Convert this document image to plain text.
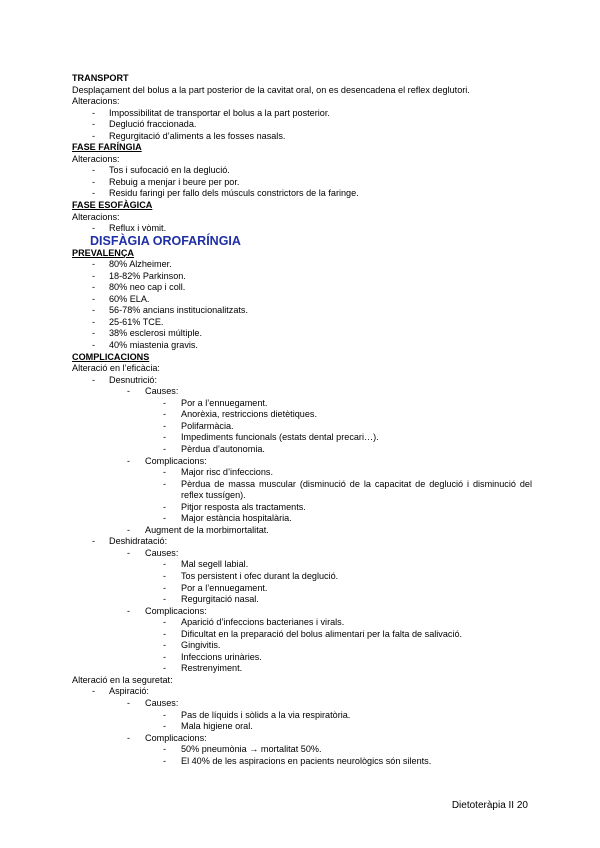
TRANSPORT
Desplaçament del bolus a la part posterior de la cavitat oral, on es desencadena el reflex deglutori.
Alteracions:
- Impossibilitat de transportar el bolus a la part posterior.
- Deglució fraccionada.
- Regurgitació d’aliments a les fosses nasals.
FASE FARÍNGIA
Alteracions:
- Tos i sufocació en la deglució.
- Rebuig a menjar i beure per por.
- Residu faringi per fallo dels músculs constrictors de la faringe.
FASE ESOFÀGICA
Alteracions:
- Reflux i vòmit.
DISFÀGIA OROFARÍNGIA
PREVALENÇA
- 80% Alzheimer.
- 18-82% Parkinson.
- 80% neo cap i coll.
- 60% ELA.
- 56-78% ancians institucionalitzats.
- 25-61% TCE.
- 38% esclerosi múltiple.
- 40% miastenia gravis.
COMPLICACIONS
Alteració en l’eficàcia:
- Desnutrició:
- Causes:
- Por a l’ennuegament.
- Anorèxia, restriccions dietètiques.
- Polifarmàcia.
- Impediments funcionals (estats dental precari…).
- Pèrdua d’autonomia.
- Complicacions:
- Major risc d’infeccions.
- Pèrdua de massa muscular (disminució de la capacitat de deglució i disminució del reflex tussígen).
- Pitjor resposta als tractaments.
- Major estància hospitalària.
- Augment de la morbimortalitat.
- Deshidratació:
- Causes:
- Mal segell labial.
- Tos persistent i ofec durant la deglució.
- Por a l’ennuegament.
- Regurgitació nasal.
- Complicacions:
- Aparició d’infeccions bacterianes i virals.
- Dificultat en la preparació del bolus alimentari per la falta de salivació.
- Gingivitis.
- Infeccions urinàries.
- Restrenyiment.
Alteració en la seguretat:
- Aspiració:
- Causes:
- Pas de líquids i sòlids a la via respiratòria.
- Mala higiene oral.
- Complicacions:
- 50% pneumònia → mortalitat 50%.
- El 40% de les aspiracions en pacients neurològics són silents.
Dietoteràpia II 20
